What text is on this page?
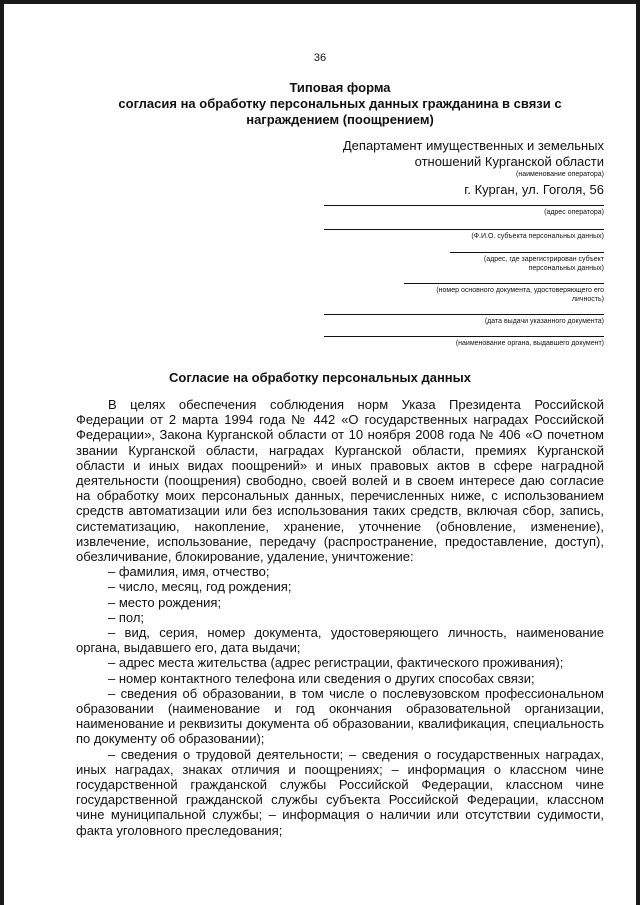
36
Типовая форма
согласия на обработку персональных данных гражданина в связи с
награждением (поощрением)
Департамент имущественных и земельных
отношений Курганской области
(наименование оператора)
г. Курган, ул. Гоголя, 56
(адрес оператора)
(Ф.И.О. субъекта персональных данных)
(адрес, где зарегистрирован субъект персональных данных)
(номер основного документа, удостоверяющего его личность)
(дата выдачи указанного документа)
(наименование органа, выдавшего документ)
Согласие на обработку персональных данных

В целях обеспечения соблюдения норм Указа Президента Российской Федерации от 2 марта 1994 года № 442 «О государственных наградах Российской Федерации», Закона Курганской области от 10 ноября 2008 года № 406 «О почетном звании Курганской области, наградах Курганской области, премиях Курганской области и иных видах поощрений» и иных правовых актов в сфере наградной деятельности (поощрения) свободно, своей волей и в своем интересе даю согласие на обработку моих персональных данных, перечисленных ниже, с использованием средств автоматизации или без использования таких средств, включая сбор, запись, систематизацию, накопление, хранение, уточнение (обновление, изменение), извлечение, использование, передачу (распространение, предоставление, доступ), обезличивание, блокирование, удаление, уничтожение:

– фамилия, имя, отчество;

– число, месяц, год рождения;

– место рождения;

– пол;

– вид, серия, номер документа, удостоверяющего личность, наименование органа, выдавшего его, дата выдачи;

– адрес места жительства (адрес регистрации, фактического проживания);

– номер контактного телефона или сведения о других способах связи;

– сведения об образовании, в том числе о послевузовском профессиональном образовании (наименование и год окончания образовательной организации, наименование и реквизиты документа об образовании, квалификация, специальность по документу об образовании);

– сведения о трудовой деятельности; – сведения о государственных наградах, иных наградах, знаках отличия и поощрениях; – информация о классном чине государственной гражданской службы Российской Федерации, классном чине государственной гражданской службы субъекта Российской Федерации, классном чине муниципальной службы; – информация о наличии или отсутствии судимости, факта уголовного преследования;
